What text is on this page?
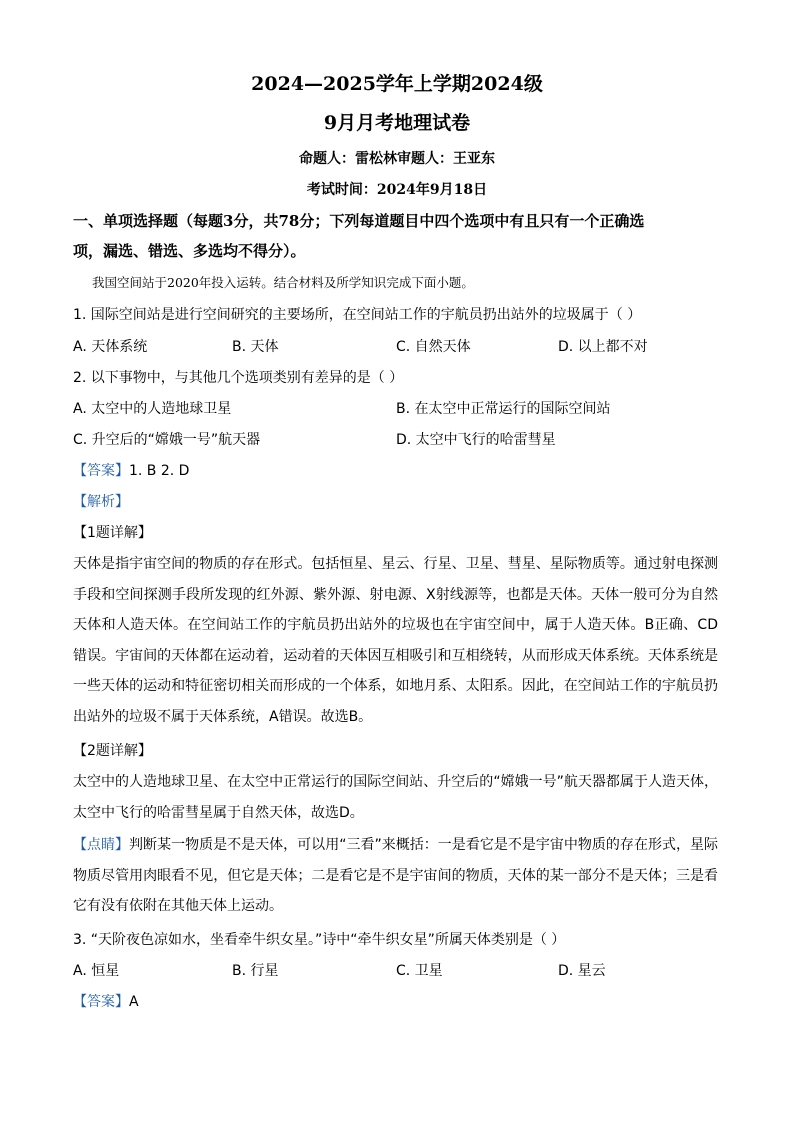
2024—2025学年上学期2024级
9月月考地理试卷
命题人：雷松林审题人：王亚东
考试时间：2024年9月18日
一、单项选择题（每题3分，共78分；下列每道题目中四个选项中有且只有一个正确选
项，漏选、错选、多选均不得分）。
我国空间站于2020年投入运转。结合材料及所学知识完成下面小题。
1. 国际空间站是进行空间研究的主要场所，在空间站工作的宇航员扔出站外的垃圾属于（ ）
A. 天体系统	B. 天体	C. 自然天体	D. 以上都不对
2. 以下事物中，与其他几个选项类别有差异的是（ ）
A. 太空中的人造地球卫星	B. 在太空中正常运行的国际空间站
C. 升空后的“嫦娥一号”航天器	D. 太空中飞行的哈雷彗星
【答案】1. B 2. D
【解析】
【1题详解】
天体是指宇宙空间的物质的存在形式。包括恒星、星云、行星、卫星、彗星、星际物质等。通过射电探测手段和空间探测手段所发现的红外源、紫外源、射电源、X射线源等，也都是天体。天体一般可分为自然天体和人造天体。在空间站工作的宇航员扔出站外的垃圾也在宇宙空间中，属于人造天体。B正确、CD错误。宇宙间的天体都在运动着，运动着的天体因互相吸引和互相绕转，从而形成天体系统。天体系统是一些天体的运动和特征密切相关而形成的一个体系，如地月系、太阳系。因此，在空间站工作的宇航员扔出站外的垃圾不属于天体系统，A错误。故选B。
【2题详解】
太空中的人造地球卫星、在太空中正常运行的国际空间站、升空后的“嫦娥一号”航天器都属于人造天体，太空中飞行的哈雷彗星属于自然天体，故选D。
【点睛】判断某一物质是不是天体，可以用“三看”来概括：一是看它是不是宇宙中物质的存在形式，星际物质尽管用肉眼看不见，但它是天体；二是看它是不是宇宙间的物质，天体的某一部分不是天体；三是看它有没有依附在其他天体上运动。
3. “天阶夜色凉如水，坐看牵牛织女星。”诗中“牵牛织女星”所属天体类别是（ ）
A. 恒星	B. 行星	C. 卫星	D. 星云
【答案】A
